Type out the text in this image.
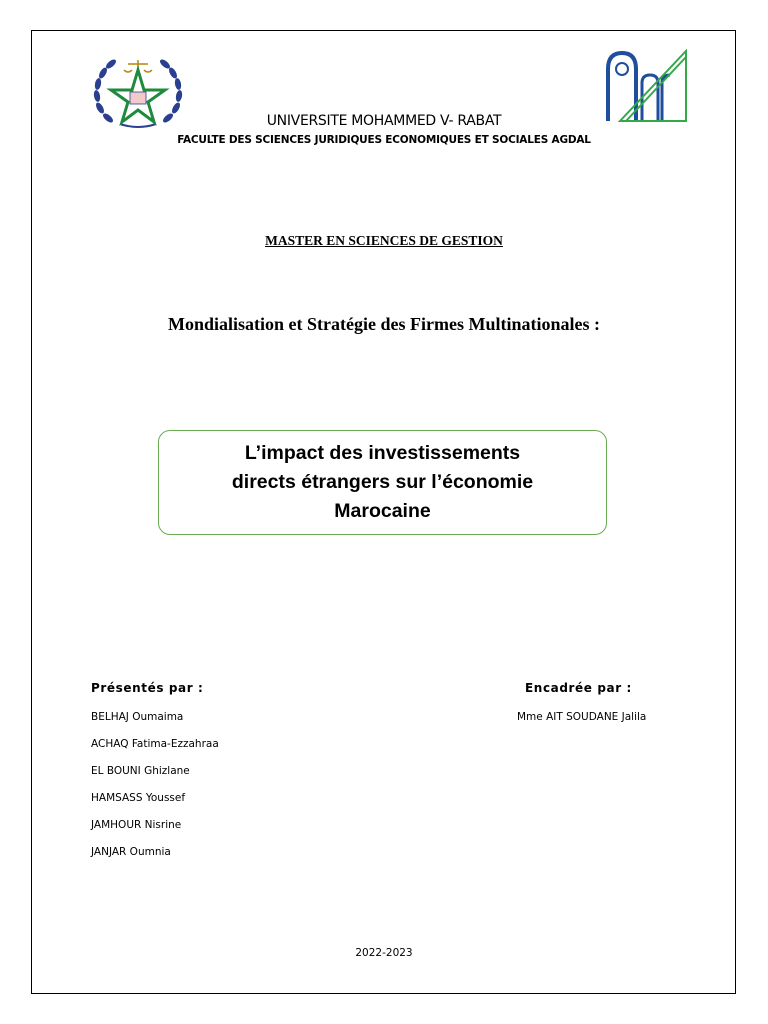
UNIVERSITE MOHAMMED V- RABAT
FACULTE DES SCIENCES JURIDIQUES ECONOMIQUES ET SOCIALES AGDAL
MASTER EN SCIENCES DE GESTION
Mondialisation et Stratégie des Firmes Multinationales :
L’impact des investissements
directs étrangers sur l’économie
Marocaine
Présentés par :	Encadrée par :
BELHAJ Oumaima
ACHAQ Fatima-Ezzahraa
EL BOUNI Ghizlane
HAMSASS Youssef
JAMHOUR Nisrine
JANJAR Oumnia
Mme AIT SOUDANE Jalila
2022-2023
